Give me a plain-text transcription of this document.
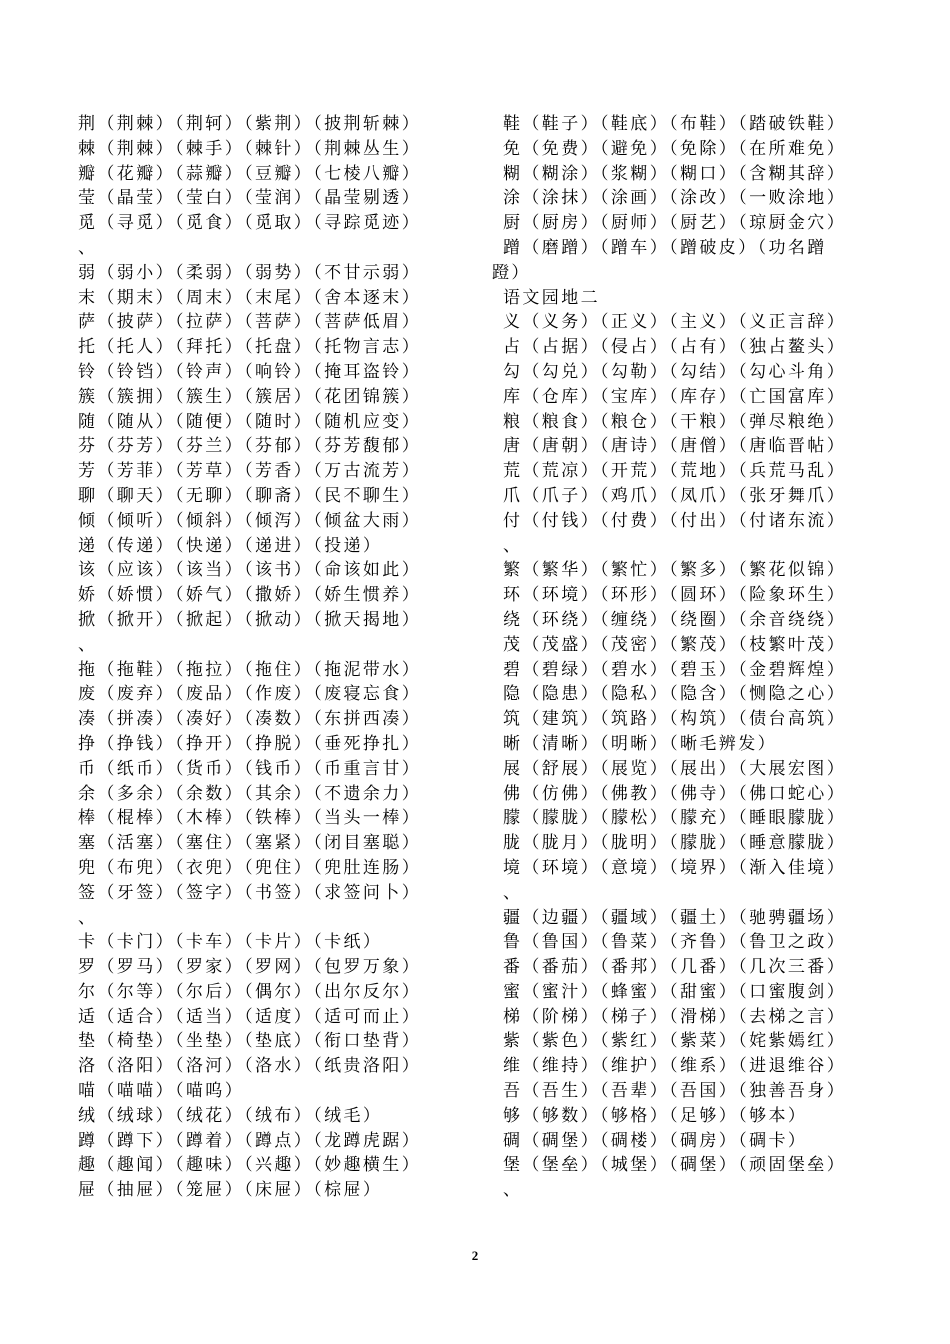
荆（荆棘）（荆轲）（紫荆）（披荆斩棘）
棘（荆棘）（棘手）（棘针）（荆棘丛生）
瓣（花瓣）（蒜瓣）（豆瓣）（七棱八瓣）
莹（晶莹）（莹白）（莹润）（晶莹剔透）
觅（寻觅）（觅食）（觅取）（寻踪觅迹）
、
弱（弱小）（柔弱）（弱势）（不甘示弱）
末（期末）（周末）（末尾）（舍本逐末）
萨（披萨）（拉萨）（菩萨）（菩萨低眉）
托（托人）（拜托）（托盘）（托物言志）
铃（铃铛）（铃声）（响铃）（掩耳盗铃）
簇（簇拥）（簇生）（簇居）（花团锦簇）
随（随从）（随便）（随时）（随机应变）
芬（芬芳）（芬兰）（芬郁）（芬芳馥郁）
芳（芳菲）（芳草）（芳香）（万古流芳）
聊（聊天）（无聊）（聊斋）（民不聊生）
倾（倾听）（倾斜）（倾泻）（倾盆大雨）
递（传递）（快递）（递进）（投递）
该（应该）（该当）（该书）（命该如此）
娇（娇惯）（娇气）（撒娇）（娇生惯养）
掀（掀开）（掀起）（掀动）（掀天揭地）
、
拖（拖鞋）（拖拉）（拖住）（拖泥带水）
废（废弃）（废品）（作废）（废寝忘食）
凑（拼凑）（凑好）（凑数）（东拼西凑）
挣（挣钱）（挣开）（挣脱）（垂死挣扎）
币（纸币）（货币）（钱币）（币重言甘）
余（多余）（余数）（其余）（不遗余力）
棒（棍棒）（木棒）（铁棒）（当头一棒）
塞（活塞）（塞住）（塞紧）（闭目塞聪）
兜（布兜）（衣兜）（兜住）（兜肚连肠）
签（牙签）（签字）（书签）（求签问卜）
、
卡（卡门）（卡车）（卡片）（卡纸）
罗（罗马）（罗家）（罗网）（包罗万象）
尔（尔等）（尔后）（偶尔）（出尔反尔）
适（适合）（适当）（适度）（适可而止）
垫（椅垫）（坐垫）（垫底）（衔口垫背）
洛（洛阳）（洛河）（洛水）（纸贵洛阳）
喵（喵喵）（喵呜）
绒（绒球）（绒花）（绒布）（绒毛）
蹲（蹲下）（蹲着）（蹲点）（龙蹲虎踞）
趣（趣闻）（趣味）（兴趣）（妙趣横生）
屉（抽屉）（笼屉）（床屉）（棕屉）
鞋（鞋子）（鞋底）（布鞋）（踏破铁鞋）
免（免费）（避免）（免除）（在所难免）
糊（糊涂）（浆糊）（糊口）（含糊其辞）
涂（涂抹）（涂画）（涂改）（一败涂地）
厨（厨房）（厨师）（厨艺）（琼厨金穴）
蹭（磨蹭）（蹭车）（蹭破皮）（功名蹭
蹬）
语文园地二
义（义务）（正义）（主义）（义正言辞）
占（占据）（侵占）（占有）（独占鳌头）
勾（勾兑）（勾勒）（勾结）（勾心斗角）
库（仓库）（宝库）（库存）（亡国富库）
粮（粮食）（粮仓）（干粮）（弹尽粮绝）
唐（唐朝）（唐诗）（唐僧）（唐临晋帖）
荒（荒凉）（开荒）（荒地）（兵荒马乱）
爪（爪子）（鸡爪）（凤爪）（张牙舞爪）
付（付钱）（付费）（付出）（付诸东流）
、
繁（繁华）（繁忙）（繁多）（繁花似锦）
环（环境）（环形）（圆环）（险象环生）
绕（环绕）（缠绕）（绕圈）（余音绕绕）
茂（茂盛）（茂密）（繁茂）（枝繁叶茂）
碧（碧绿）（碧水）（碧玉）（金碧辉煌）
隐（隐患）（隐私）（隐含）（恻隐之心）
筑（建筑）（筑路）（构筑）（债台高筑）
晰（清晰）（明晰）（晰毛辨发）
展（舒展）（展览）（展出）（大展宏图）
佛（仿佛）（佛教）（佛寺）（佛口蛇心）
朦（朦胧）（朦松）（朦充）（睡眼朦胧）
胧（胧月）（胧明）（朦胧）（睡意朦胧）
境（环境）（意境）（境界）（渐入佳境）
、
疆（边疆）（疆域）（疆土）（驰骋疆场）
鲁（鲁国）（鲁菜）（齐鲁）（鲁卫之政）
番（番茄）（番邦）（几番）（几次三番）
蜜（蜜汁）（蜂蜜）（甜蜜）（口蜜腹剑）
梯（阶梯）（梯子）（滑梯）（去梯之言）
紫（紫色）（紫红）（紫菜）（姹紫嫣红）
维（维持）（维护）（维系）（进退维谷）
吾（吾生）（吾辈）（吾国）（独善吾身）
够（够数）（够格）（足够）（够本）
碉（碉堡）（碉楼）（碉房）（碉卡）
堡（堡垒）（城堡）（碉堡）（顽固堡垒）
、
2
